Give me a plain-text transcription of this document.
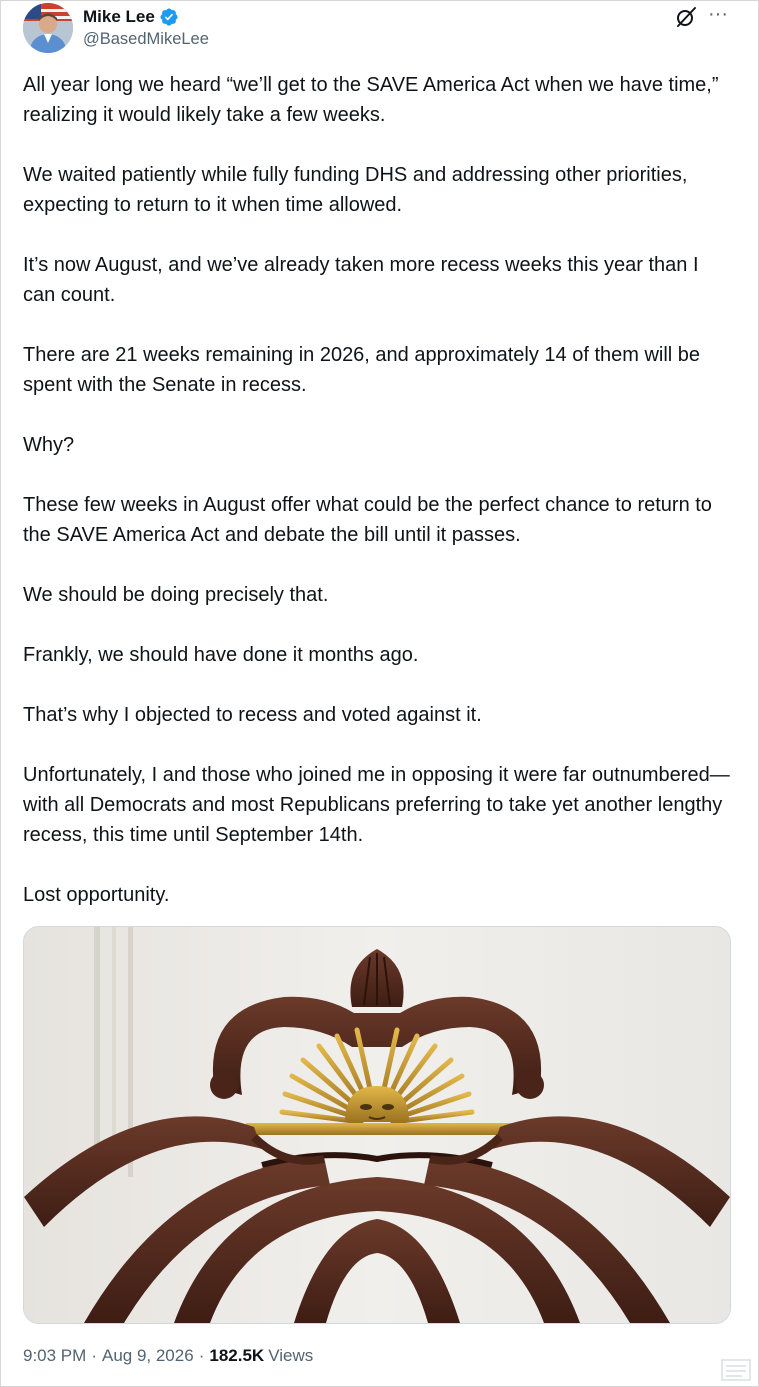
Mike Lee
@BasedMikeLee
···

All year long we heard “we’ll get to the SAVE America Act when we have time,” realizing it would likely take a few weeks.

We waited patiently while fully funding DHS and addressing other priorities, expecting to return to it when time allowed.

It’s now August, and we’ve already taken more recess weeks this year than I can count.

There are 21 weeks remaining in 2026, and approximately 14 of them will be spent with the Senate in recess.

Why?

These few weeks in August offer what could be the perfect chance to return to the SAVE America Act and debate the bill until it passes.

We should be doing precisely that.

Frankly, we should have done it months ago.

That’s why I objected to recess and voted against it.

Unfortunately, I and those who joined me in opposing it were far outnumbered—with all Democrats and most Republicans preferring to take yet another lengthy recess, this time until September 14th.

Lost opportunity.

9:03 PM · Aug 9, 2026 · 182.5K Views
